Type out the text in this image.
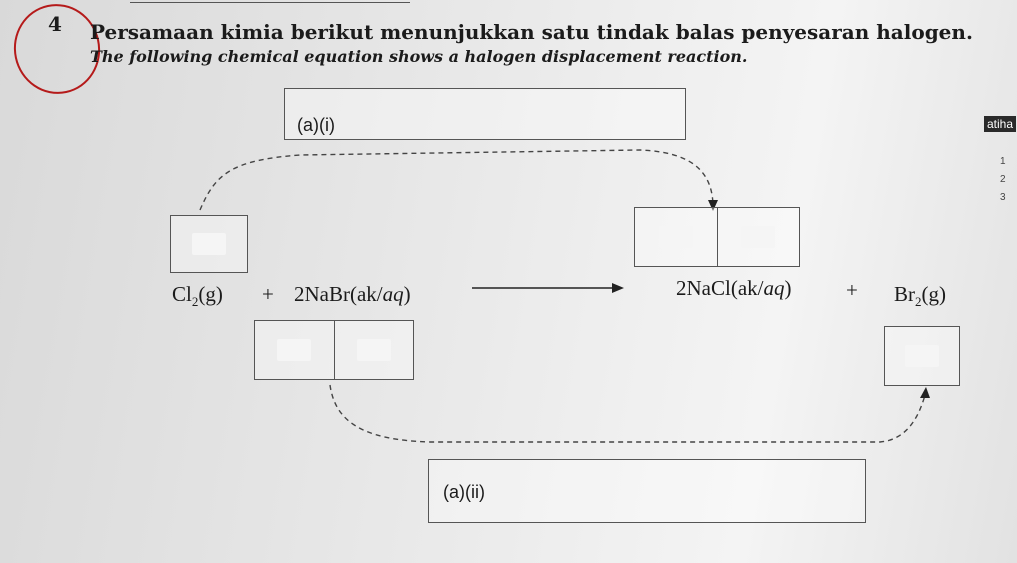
4 Persamaan kimia berikut menunjukkan satu tindak balas penyesaran halogen.
The following chemical equation shows a halogen displacement reaction.
(a)(i)
$Cl_2(g)$ + 2NaBr(ak/aq)	2NaCl(ak/aq)	+ $Br_2(g)$
(a)(ii)
atiha
1
2
3
